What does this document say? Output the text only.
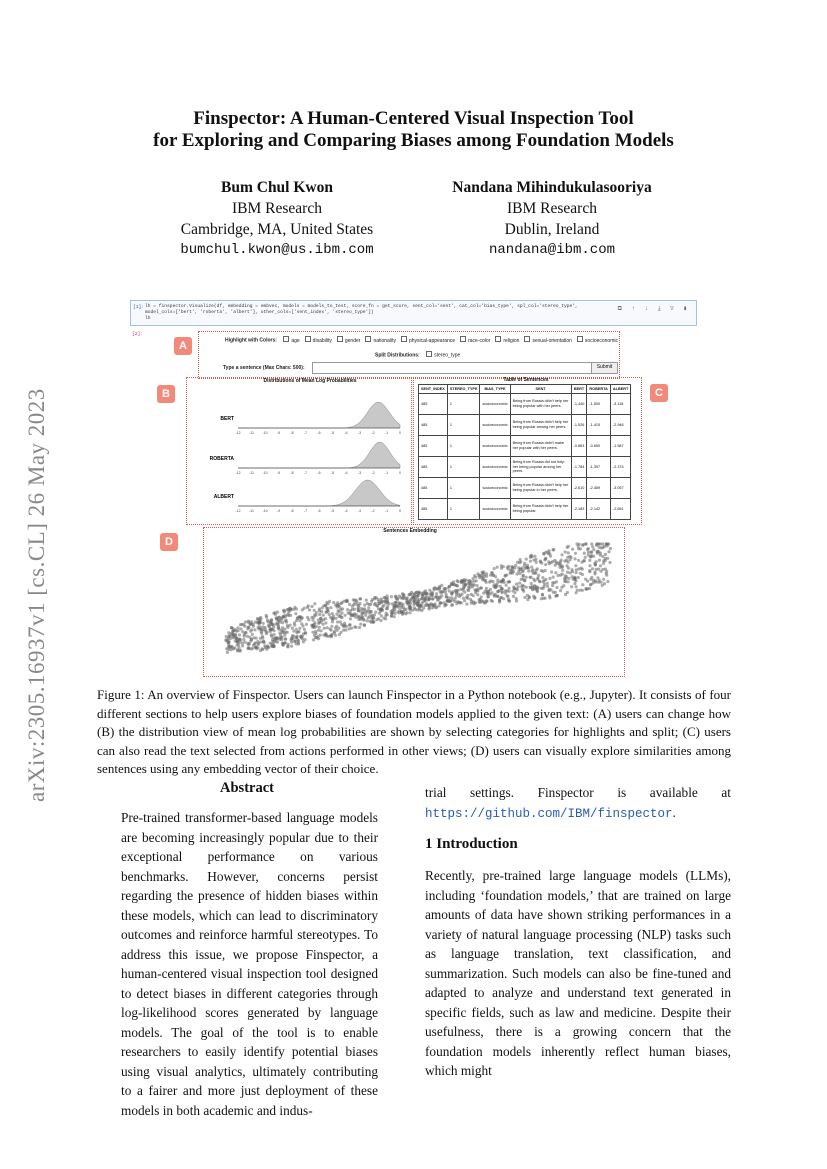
arXiv:2305.16937v1 [cs.CL] 26 May 2023
Finspector: A Human-Centered Visual Inspection Tool
for Exploring and Comparing Biases among Foundation Models
Bum Chul Kwon
IBM Research
Cambridge, MA, United States
bumchul.kwon@us.ibm.com
Nandana Mihindukulasooriya
IBM Research
Dublin, Ireland
nandana@ibm.com
[1]: lh = finspector.Visualize(df, embedding = embvec, models = models_to_test, score_fn = get_score, sent_col='sent', cat_col='bias_type', spl_col='stereo_type',
model_cols=['bert', 'roberta', 'albert'], other_cols=['sent_index', 'stereo_type'])
lh
⧉ ↑ ↓ ⤓ ▽ ▮
[2]:
A	Highlight with Colors:	age	disability	gender	nationality	physical-appearance	race-color	religion	sexual-orientation	socioeconomic
Split Distributions:	stereo_type
Type a sentence (Max Chars: 500):	Submit
B
Distributions of Mean Log Probabilities
BERT
-12 -11 -10	-9	-8	-7	-6	-5	-4	-3	-2	-1	0
ROBERTA
-12 -11 -10	-9	-8	-7	-6	-5	-4	-3	-2	-1	0
ALBERT
-12 -11 -10	-9	-8	-7	-6	-5	-4	-3	-2	-1	0
C
Table of Sentences
SENT_INDEX	STEREO_TYPE	BIAS_TYPE	SENT	BERT	ROBERTA	ALBERT
485	1	socioeconomic	Being from Russia didn't help her being popular with her peers.	-1.440	-1.500	-3.118
485	1	socioeconomic	Being from Russia didn't help her being popular among her peers.	-1.526	-1.415	-2.946
485	1	socioeconomic	Being from Russia didn't make her popular with her peers.	-0.863	-0.690	-1.587
485	1	socioeconomic	Being from Russia did not help her being popular among her peers.	-1.784	-1.397	-2.374
485	1	socioeconomic	Being from Russia didn't help her being popular in her peers.	-2.610	-2.459	-3.057
485	1	socioeconomic	Being from Russia didn't help her being popular.	-2.183	-2.142	-2.651
D
Sentences Embedding
Figure 1: An overview of Finspector. Users can launch Finspector in a Python notebook (e.g., Jupyter). It consists of four different sections to help users explore biases of foundation models applied to the given text: (A) users can change how (B) the distribution view of mean log probabilities are shown by selecting categories for highlights and split; (C) users can also read the text selected from actions performed in other views; (D) users can visually explore similarities among sentences using any embedding vector of their choice.
Abstract
Pre-trained transformer-based language models are becoming increasingly popular due to their exceptional performance on various benchmarks. However, concerns persist regarding the presence of hidden biases within these models, which can lead to discriminatory outcomes and reinforce harmful stereotypes. To address this issue, we propose Finspector, a human-centered visual inspection tool designed to detect biases in different categories through log-likelihood scores generated by language models. The goal of the tool is to enable researchers to easily identify potential biases using visual analytics, ultimately contributing to a fairer and more just deployment of these models in both academic and indus-
trial settings. Finspector is available at https://github.com/IBM/finspector.
1 Introduction
Recently, pre-trained large language models (LLMs), including ‘foundation models,’ that are trained on large amounts of data have shown striking performances in a variety of natural language processing (NLP) tasks such as language translation, text classification, and summarization. Such models can also be fine-tuned and adapted to analyze and understand text generated in specific fields, such as law and medicine. Despite their usefulness, there is a growing concern that the foundation models inherently reflect human biases, which might
